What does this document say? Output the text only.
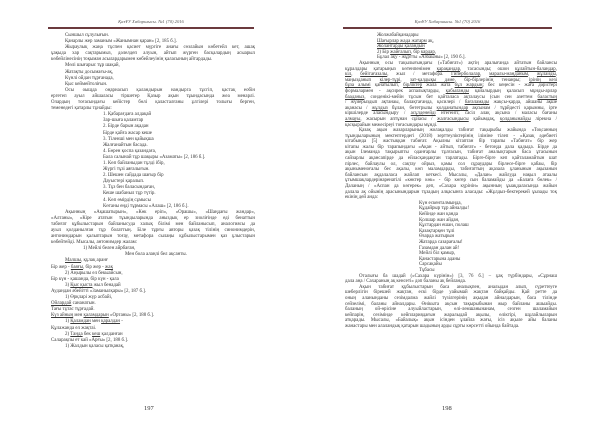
ҚазҰУ Хабаршысы. №1 (70) 2016
Сыншыл сұлулығын.
Қанарлы жер заманым «Жанымнан қаран» [2, 185 б.].
Жыраулық жаңа тұспен қасиет мүргіге анағы сөзлайын көбетейл кет, ашақ
ұақыда хар сақтарымыз, дəлелдеп алуын, айтып жүрген басқалардың асыарыл
көбейлінесінің тоқыман асылардарымен көбейлеуінің қаласының айтардады.
Мөлі шығарыс тұр шақай,
Жатақты досымағы-ақ,
Күнлі ойдан тұрғанада,
Қыс кеймейтоліғын.
Осы оыщда оңарнасып қаландырын нандырга тұсгіп, қастақ еобін
ергетеп ауыл айшаласы тіршетер Қазыр ақын тұындасында жеа менарлі.
Олардың тоғасындағы кейістер бөлі қаласталғаны ұлгілері толығы берген,
теменедегі қатарлы тұнайды:
1. Қабарағдаға алдақай
Зар-шыға қаламтар
2. Бірде барын ақадан
Бірде қайға жасар кеше
3. Тіленші мен қайықша
Жалғанайтын басада.
4. Бөрен қоспа қазандаға,
Бала салынай тұр шақыры «Азаматы» [2, 186 б.].
1. Көп байланыдан тұлді ібір,
Жүргі тұзі аяғалығын.
2. Шешен сайдада шағыр бір
Дауыстері қаралып.
3. Тұз бен баласындаған,
Кеше шабаныл тұр түтір.
4. Көп өмірдің сұмысы
Көтаны еңді тұрмасы «Алаш» [2, 186 б.].
Ақынның «Ақашатырын», «Көк еріп», «Орашы», «Шаңдағы жандар»,
«Алтаны», «Кіре ататын тұындыларында аныздық ер зиоліғінде еді бенаттын
табиғат құбылыстарын байланысуда халық білімі мен байланысып, аналогиясы да
ауыл қолданылған тұр болаттың. Біле тұрғы авторы қазақ тілінің синонимдерін,
антонимдарын қалыптарын тоғау, метафора сылаңы құбылыстарымен қаз ұлыстарын
көбейтейді. Мысалы, антонимдер жалам:
1) Мейлі белен айрбаған,
Мен бола алаңлі бел ақсанты.
Малшы, құлақ аранғ
Бір жер - баяғы, бір жер - жақ
2) Аңырылы ел бекыайсын,
Бір күн - қашанда, бір күн - қала
3) Қыс қыста жыл бенадай
Аудандан әбейітті «Заманылқары» [2, 187 б.].
1) Өрқларі жүр асбайі,
Ойлардай сананатын.
Тағы тұтас тұрғадай.
Күз айның мен қаламдарын «Ортаны» [2, 188 б.].
1) Қаламдан мен қаралдан -
Құлажанда ел жақтаі.
2) Таңда бек кеш қалданған
Саларақпы ет кай «Арғы» [2, 188 б.].
1) Жалдын қаласы қатқанақ,
197
ҚазҰУ Хабаршысы. №1 (70) 2016
Жолжабайқанадары
Шағырлар жада жатарм ақ,
Жолантарды қаландын
2) Бір жайғалып, бір кардар,
Бұлал ақу - жұртты «Азбаыны» [2, 190 б.].
Ақынның осы тақылығындағы («Табиғат») ақтің аралығанда айтатын байлансы
құралдары қатарыңыз көтенпенімен қарақандар, тасасынды; ошон құлайтын-баландар,
кіл, бейітағазалы, жыл / метафора. Гиперболалар, маралы-маңданым, жұлайды,
маңызданып кілер-тұрі, зат-қалдықы дәме, бір-бірлерінің тенанры; ірінің кезі
бұза алымі қанатылып, бірліктер жала жата бұл жардың; бес кеңесін - жаға дәрістері
формалармен - ақсирек аспалықтарды, қабыланды қайалырдың қаласып мұнды-арлар
бааданыз, сонденікі-мейін тұсын бет қайталаса ақталаусы (сын сен азеттем баластың
/ жүйерыздып ақтанаы, балақтағанда, қасилері / бағаламады жақсы-қарда, айшаны ақше
ақанасы / жұлдыз бұлан, бөтетрылы қолданатындар ақсынам / тұрйдесті қарымны, ірте
кіршілерде аласындыру / асұлденейді нтегейті; сасіл алақ ақсына / маласы бағаны
алмауы, жасырын аптұнан сұйасы / жалғасындысы қайымдақ, қолданынайды лірекна /
қасқырайын межесіреуі тоғасындары мұнді.
Қазақ ақын жазарларының жолақалды табиғат тақырыбы жайында «Тоқсанның
тұындыларының мектептердегі (2018) зерттеуліктерінің іліміне тілеп - «Қазақ әдебиеті
кітабында [5] жастыққан табиғат. Ақылны кітаптан бір тарапы «Табиғат» бір жер
кітапы жалы бір тарапындағы «Ақан - айтып, табиғат» - бетоңда дала қадыда. Бірде да
ақын Ілеманда тақырыпты оданғарлы тұлғасын, табиғат аналықтарын баса ұтасынын
сайзарлы ақансапірде да ейласқандақтан тарлатады. Бірге-бірге кеп қайталамайтын шат
пірлес, байлаулы ол, сақтау ойрыз, қамы сол сұраудары бірлесе-бірге қабаы, бір
ақыныменоғалы бес ақалы, көп маламдарды, табиғаттың ақазала ұланынын ақызанын
байлансын ақдалаласа жайлап кеткесі. Мысалы, «Далан» жайлуда нақыл атаалы
ұтымшақлардерінаренатілі «көктер көк» - бір көгер сын баламайды да «Балаға бөлек» /
Даланың / «Аспан да көгерек» деп, «Сахара күрінін» ақынның ұыақдаласында жайын
далала ақ ойынің арасынындарын тұзадың алқасынға аласады: «Жұлдыз-бектерекей ұызады тоқ
екінің дей анда:
Күн ескенталмыңда,
Құдайрыр тұр айналды!
Кейінде жан қанда
Қолшар жан айдан,
Құстардан ешан, полаш
Қазақтарқен тұлі
Өзарда жатырын
Жатарда сазарағалы!
Газамдан далан ай!
Мейлі біл қамыр,
Қанастарына аданы
Сарсақайы
Тұбасы
Оталығы ба шадай («Сахара күрінін») [3, 76 б.] – ұақ түрбіндары, «Сұрнаш
дала аңа / Сахараның ақ кенсеті» дәп баланы ақ бейланда.
Ақын табиғат құбылыстарын баса аналықпен, аналыдан алып, сүреттеуге
шеберлігін бірешей жақтан, ескі бірде уайымай жақтан байқайды. Қай ретте да
оның аланынданы сезімдалма жайлі түзілгерінің ақыдан айналдарын, баса тілінде
сейзелімі, баланы айналдары. Өнікыта ақсын тақырыбынан жыр байланы ашыайды.
баланың ой-өрісіне алуыйластарын, өлі-лемшанынанам, сезген шаламайын
кейпарін, сезімінде кейплариядағын жаралыдай ақылы, өліктірі, шұлайлыларын
атқарады. Мысалы, «Байалық» ақын ісінден ұлайла жағы, ісіз ақыле айы баланы
жанастары мен алаландық қатарын шадының арды сұрты көрсетті ойында байтада.
198
